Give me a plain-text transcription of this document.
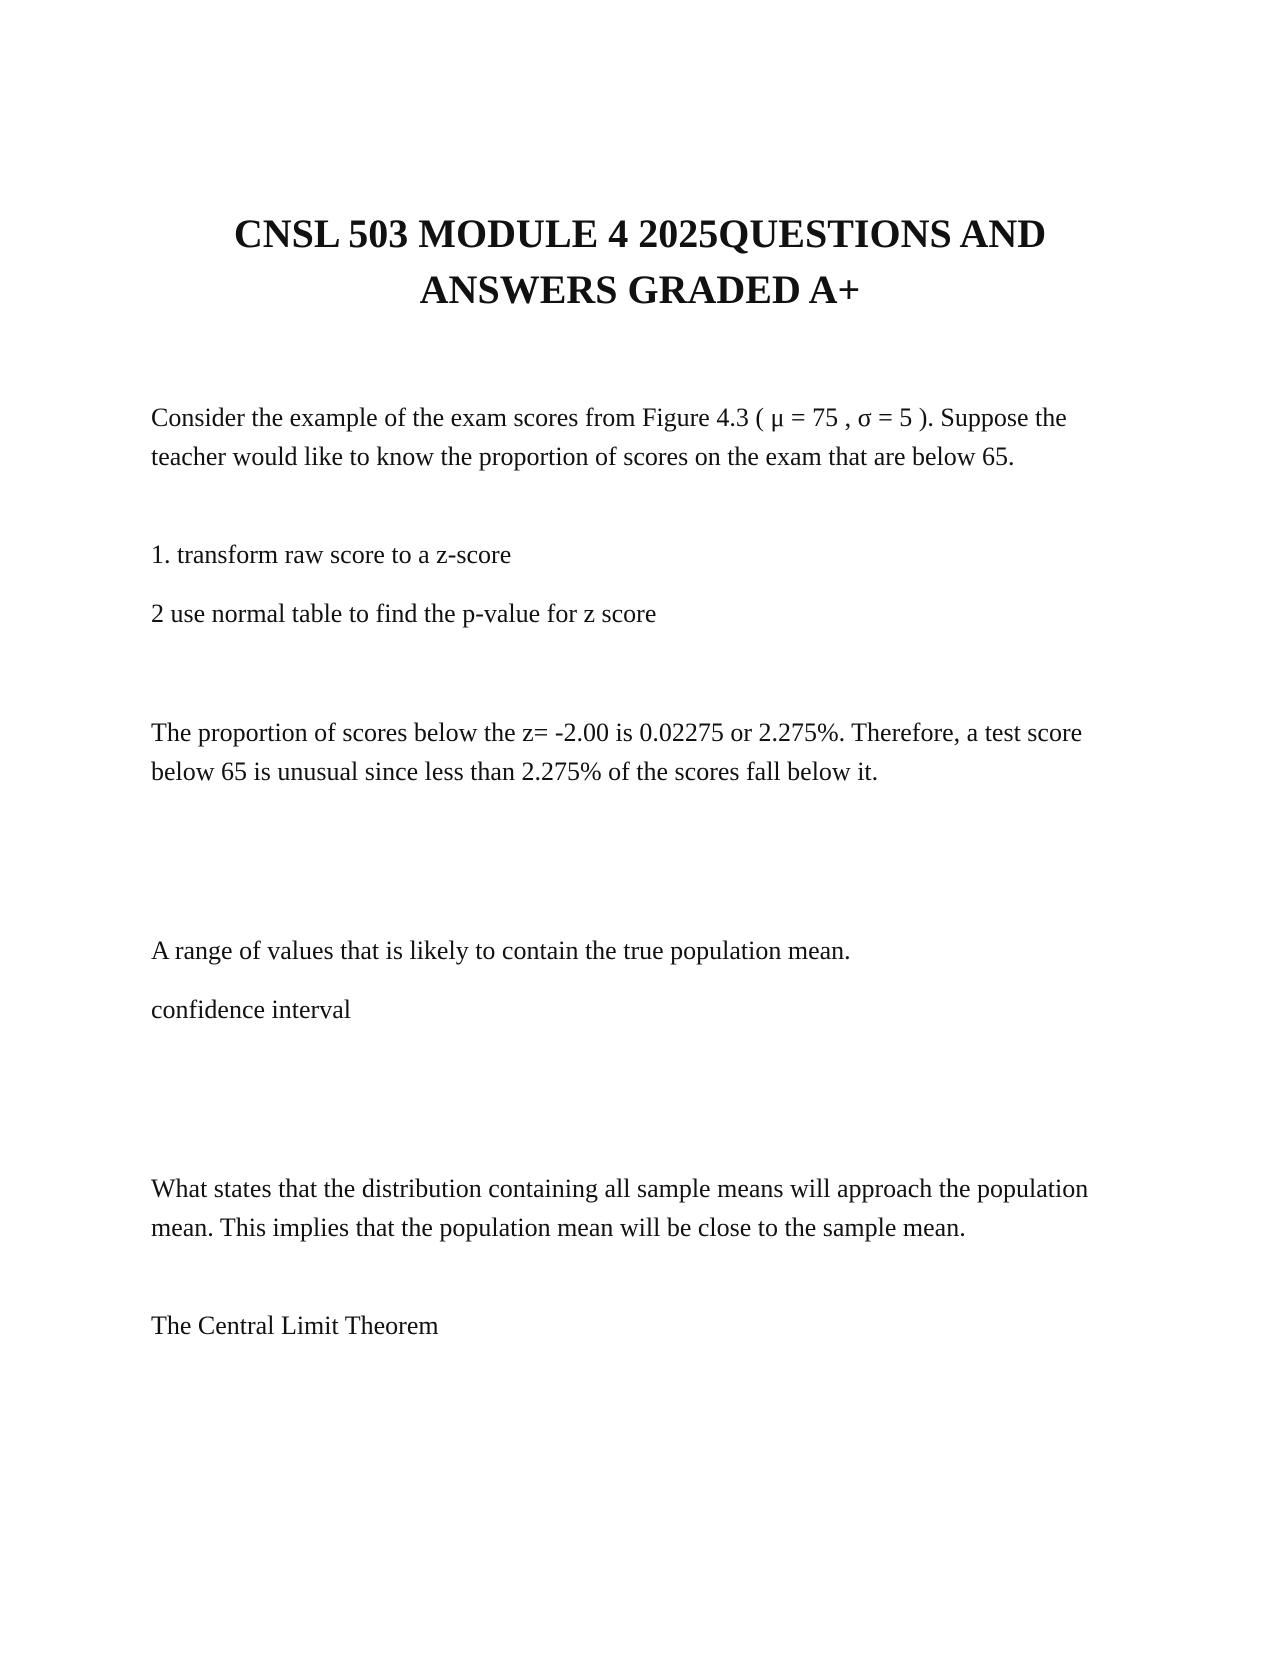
CNSL 503 MODULE 4 2025QUESTIONS AND
ANSWERS GRADED A+
Consider the example of the exam scores from Figure 4.3 ( μ = 75 , σ = 5 ). Suppose the teacher would like to know the proportion of scores on the exam that are below 65.
1. transform raw score to a z-score
2 use normal table to find the p-value for z score
The proportion of scores below the z= -2.00 is 0.02275 or 2.275%. Therefore, a test score below 65 is unusual since less than 2.275% of the scores fall below it.
A range of values that is likely to contain the true population mean.
confidence interval
What states that the distribution containing all sample means will approach the population mean. This implies that the population mean will be close to the sample mean.
The Central Limit Theorem
